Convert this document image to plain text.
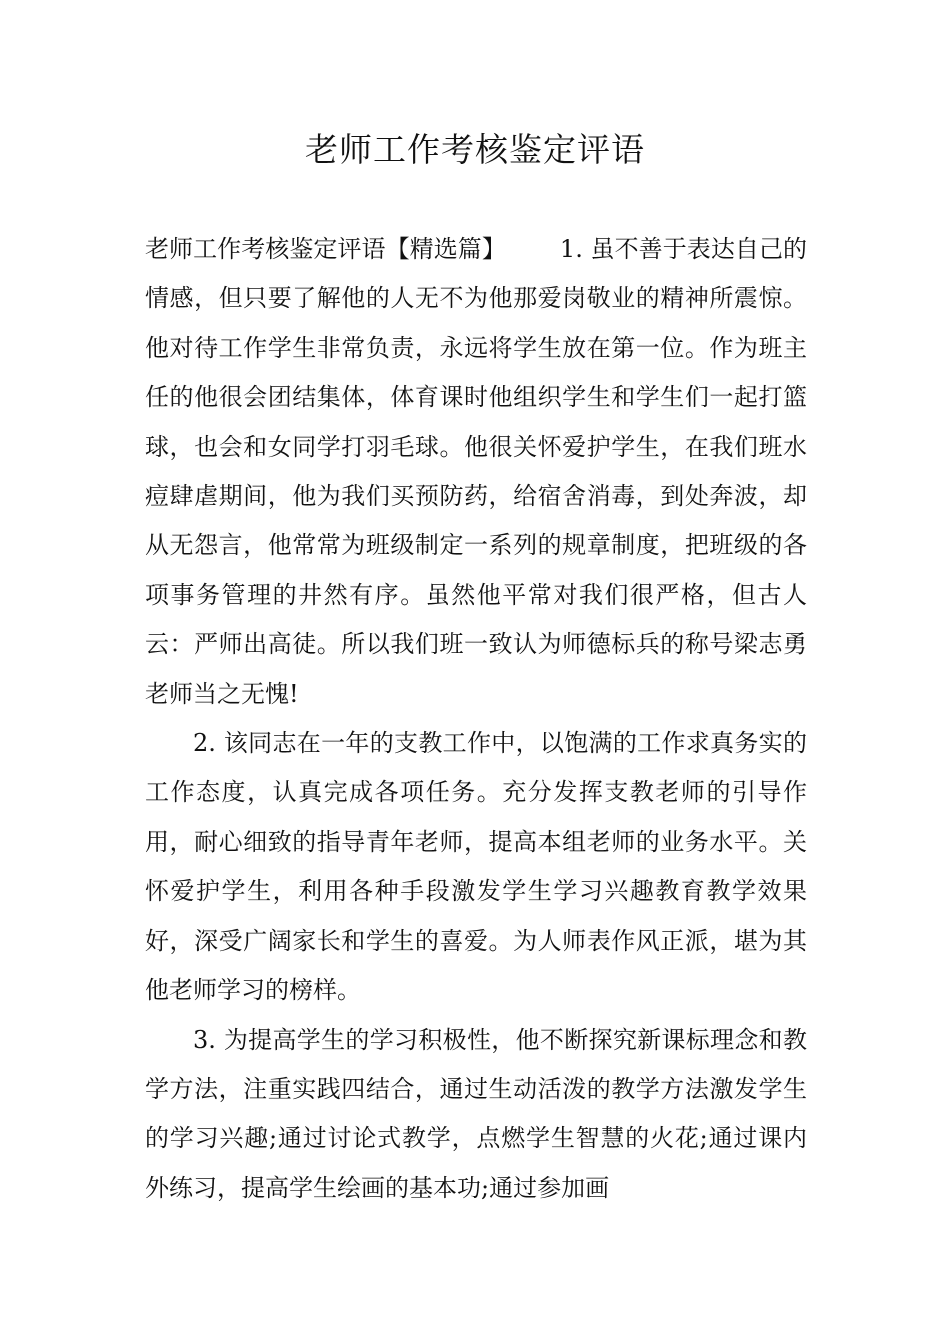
老师工作考核鉴定评语

老师工作考核鉴定评语【精选篇】 1. 虽不善于表达自己的情感，但只要了解他的人无不为他那爱岗敬业的精神所震惊。他对待工作学生非常负责，永远将学生放在第一位。作为班主任的他很会团结集体，体育课时他组织学生和学生们一起打篮球，也会和女同学打羽毛球。他很关怀爱护学生，在我们班水痘肆虐期间，他为我们买预防药，给宿舍消毒，到处奔波，却从无怨言，他常常为班级制定一系列的规章制度，把班级的各项事务管理的井然有序。虽然他平常对我们很严格，但古人云：严师出高徒。所以我们班一致认为师德标兵的称号梁志勇老师当之无愧!

2. 该同志在一年的支教工作中，以饱满的工作求真务实的工作态度，认真完成各项任务。充分发挥支教老师的引导作用，耐心细致的指导青年老师，提高本组老师的业务水平。关怀爱护学生，利用各种手段激发学生学习兴趣教育教学效果好，深受广阔家长和学生的喜爱。为人师表作风正派，堪为其他老师学习的榜样。

3. 为提高学生的学习积极性，他不断探究新课标理念和教学方法，注重实践四结合，通过生动活泼的教学方法激发学生的学习兴趣;通过讨论式教学，点燃学生智慧的火花;通过课内外练习，提高学生绘画的基本功;通过参加画
